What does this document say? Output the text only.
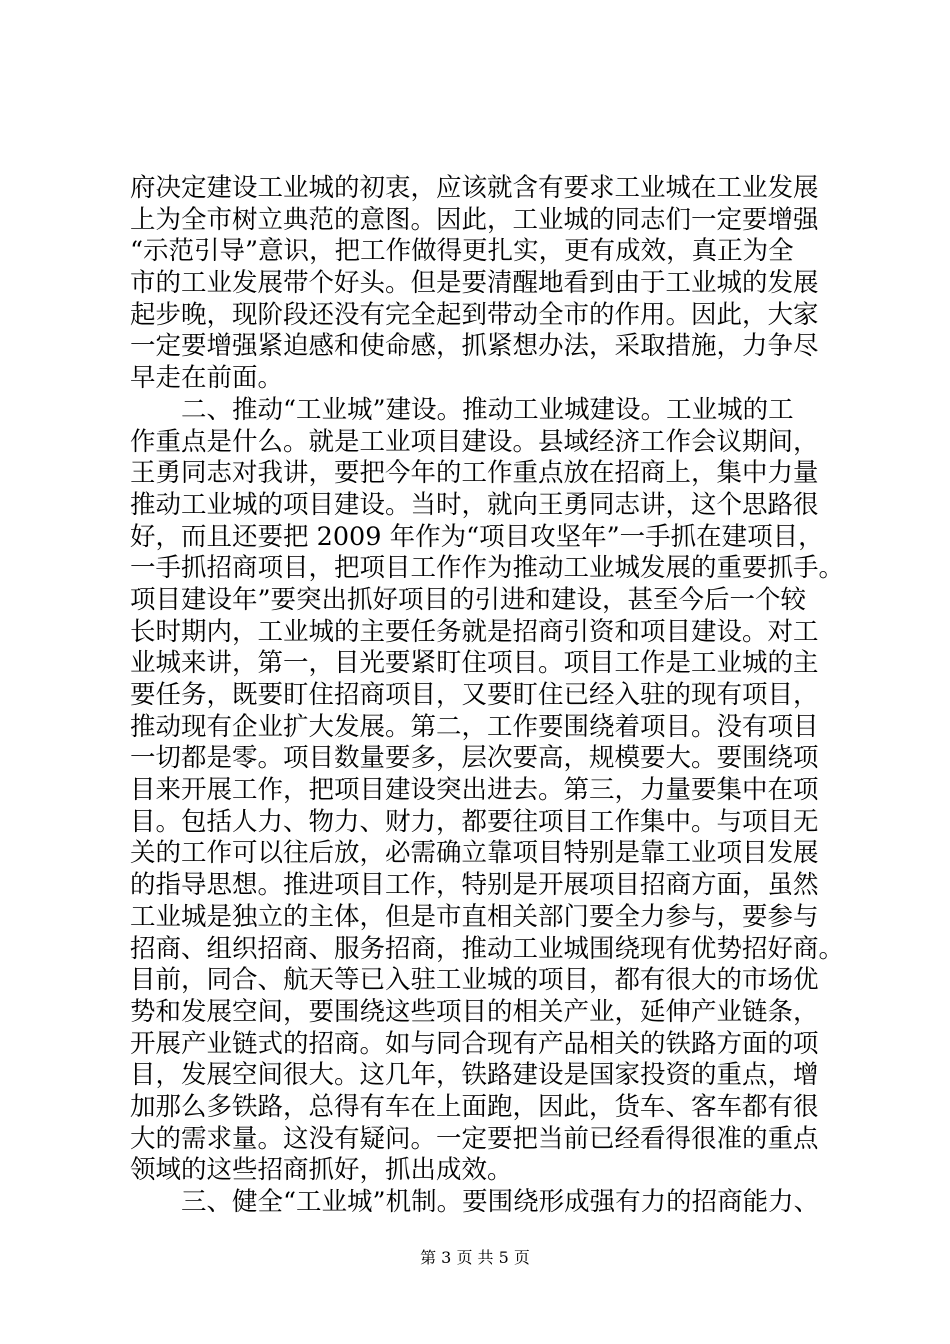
府决定建设工业城的初衷，应该就含有要求工业城在工业发展
上为全市树立典范的意图。因此，工业城的同志们一定要增强
“示范引导”意识，把工作做得更扎实，更有成效，真正为全
市的工业发展带个好头。但是要清醒地看到由于工业城的发展
起步晚，现阶段还没有完全起到带动全市的作用。因此，大家
一定要增强紧迫感和使命感，抓紧想办法，采取措施，力争尽
早走在前面。
二、推动“工业城”建设。推动工业城建设。工业城的工
作重点是什么。就是工业项目建设。县域经济工作会议期间，
王勇同志对我讲，要把今年的工作重点放在招商上，集中力量
推动工业城的项目建设。当时，就向王勇同志讲，这个思路很
好，而且还要把 2009 年作为“项目攻坚年”一手抓在建项目，
一手抓招商项目，把项目工作作为推动工业城发展的重要抓手。
项目建设年”要突出抓好项目的引进和建设，甚至今后一个较
长时期内，工业城的主要任务就是招商引资和项目建设。对工
业城来讲，第一，目光要紧盯住项目。项目工作是工业城的主
要任务，既要盯住招商项目，又要盯住已经入驻的现有项目，
推动现有企业扩大发展。第二，工作要围绕着项目。没有项目
一切都是零。项目数量要多，层次要高，规模要大。要围绕项
目来开展工作，把项目建设突出进去。第三，力量要集中在项
目。包括人力、物力、财力，都要往项目工作集中。与项目无
关的工作可以往后放，必需确立靠项目特别是靠工业项目发展
的指导思想。推进项目工作，特别是开展项目招商方面，虽然
工业城是独立的主体，但是市直相关部门要全力参与，要参与
招商、组织招商、服务招商，推动工业城围绕现有优势招好商。
目前，同合、航天等已入驻工业城的项目，都有很大的市场优
势和发展空间，要围绕这些项目的相关产业，延伸产业链条，
开展产业链式的招商。如与同合现有产品相关的铁路方面的项
目，发展空间很大。这几年，铁路建设是国家投资的重点，增
加那么多铁路，总得有车在上面跑，因此，货车、客车都有很
大的需求量。这没有疑问。一定要把当前已经看得很准的重点
领域的这些招商抓好，抓出成效。
三、健全“工业城”机制。要围绕形成强有力的招商能力、
第 3 页 共 5 页
